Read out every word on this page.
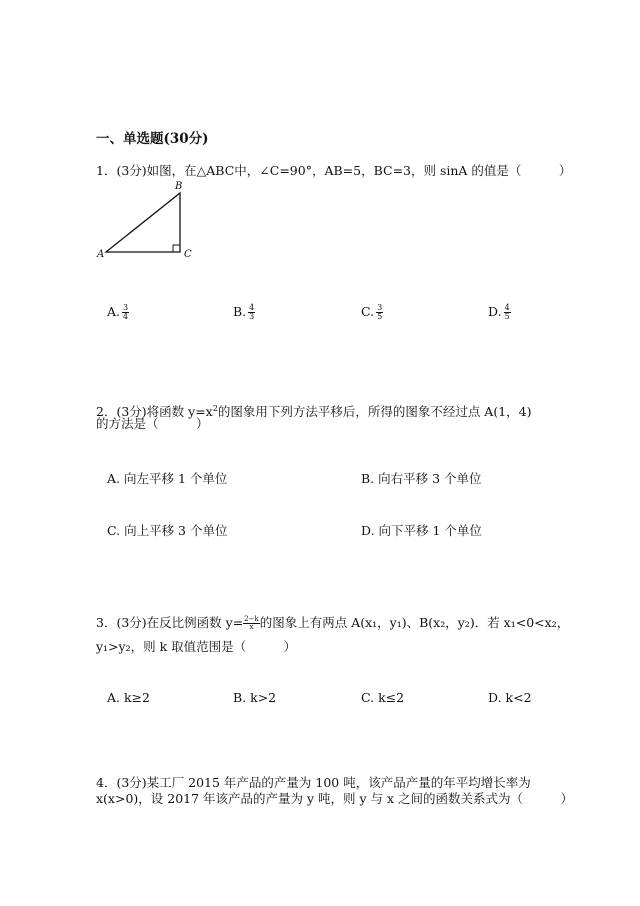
一、单选题(30分)
1．(3分)如图，在△ABC中，∠C=90°，AB=5，BC=3，则 sinA 的值是（　　　）
A
B
C
A. $\frac{3}{4}$	B. $\frac{4}{3}$	C. $\frac{3}{5}$	D. $\frac{4}{5}$
2．(3分)将函数 $y=x^2$的图象用下列方法平移后，所得的图象不经过点 A(1，4)
的方法是（　　　）
A. 向左平移 1 个单位	B. 向右平移 3 个单位
C. 向上平移 3 个单位	D. 向下平移 1 个单位
3．(3分)在反比例函数 $y= \frac{2-k}{x}$ 的图象上有两点 A(x₁，y₁)、B(x₂，y₂)．若 x₁<0<x₂，
y₁>y₂，则 k 取值范围是（　　　）
A. k≥2	B. k>2	C. k≤2	D. k<2
4．(3分)某工厂 2015 年产品的产量为 100 吨，该产品产量的年平均增长率为
x(x>0)，设 2017 年该产品的产量为 y 吨，则 y 与 x 之间的函数关系式为（　　　）
